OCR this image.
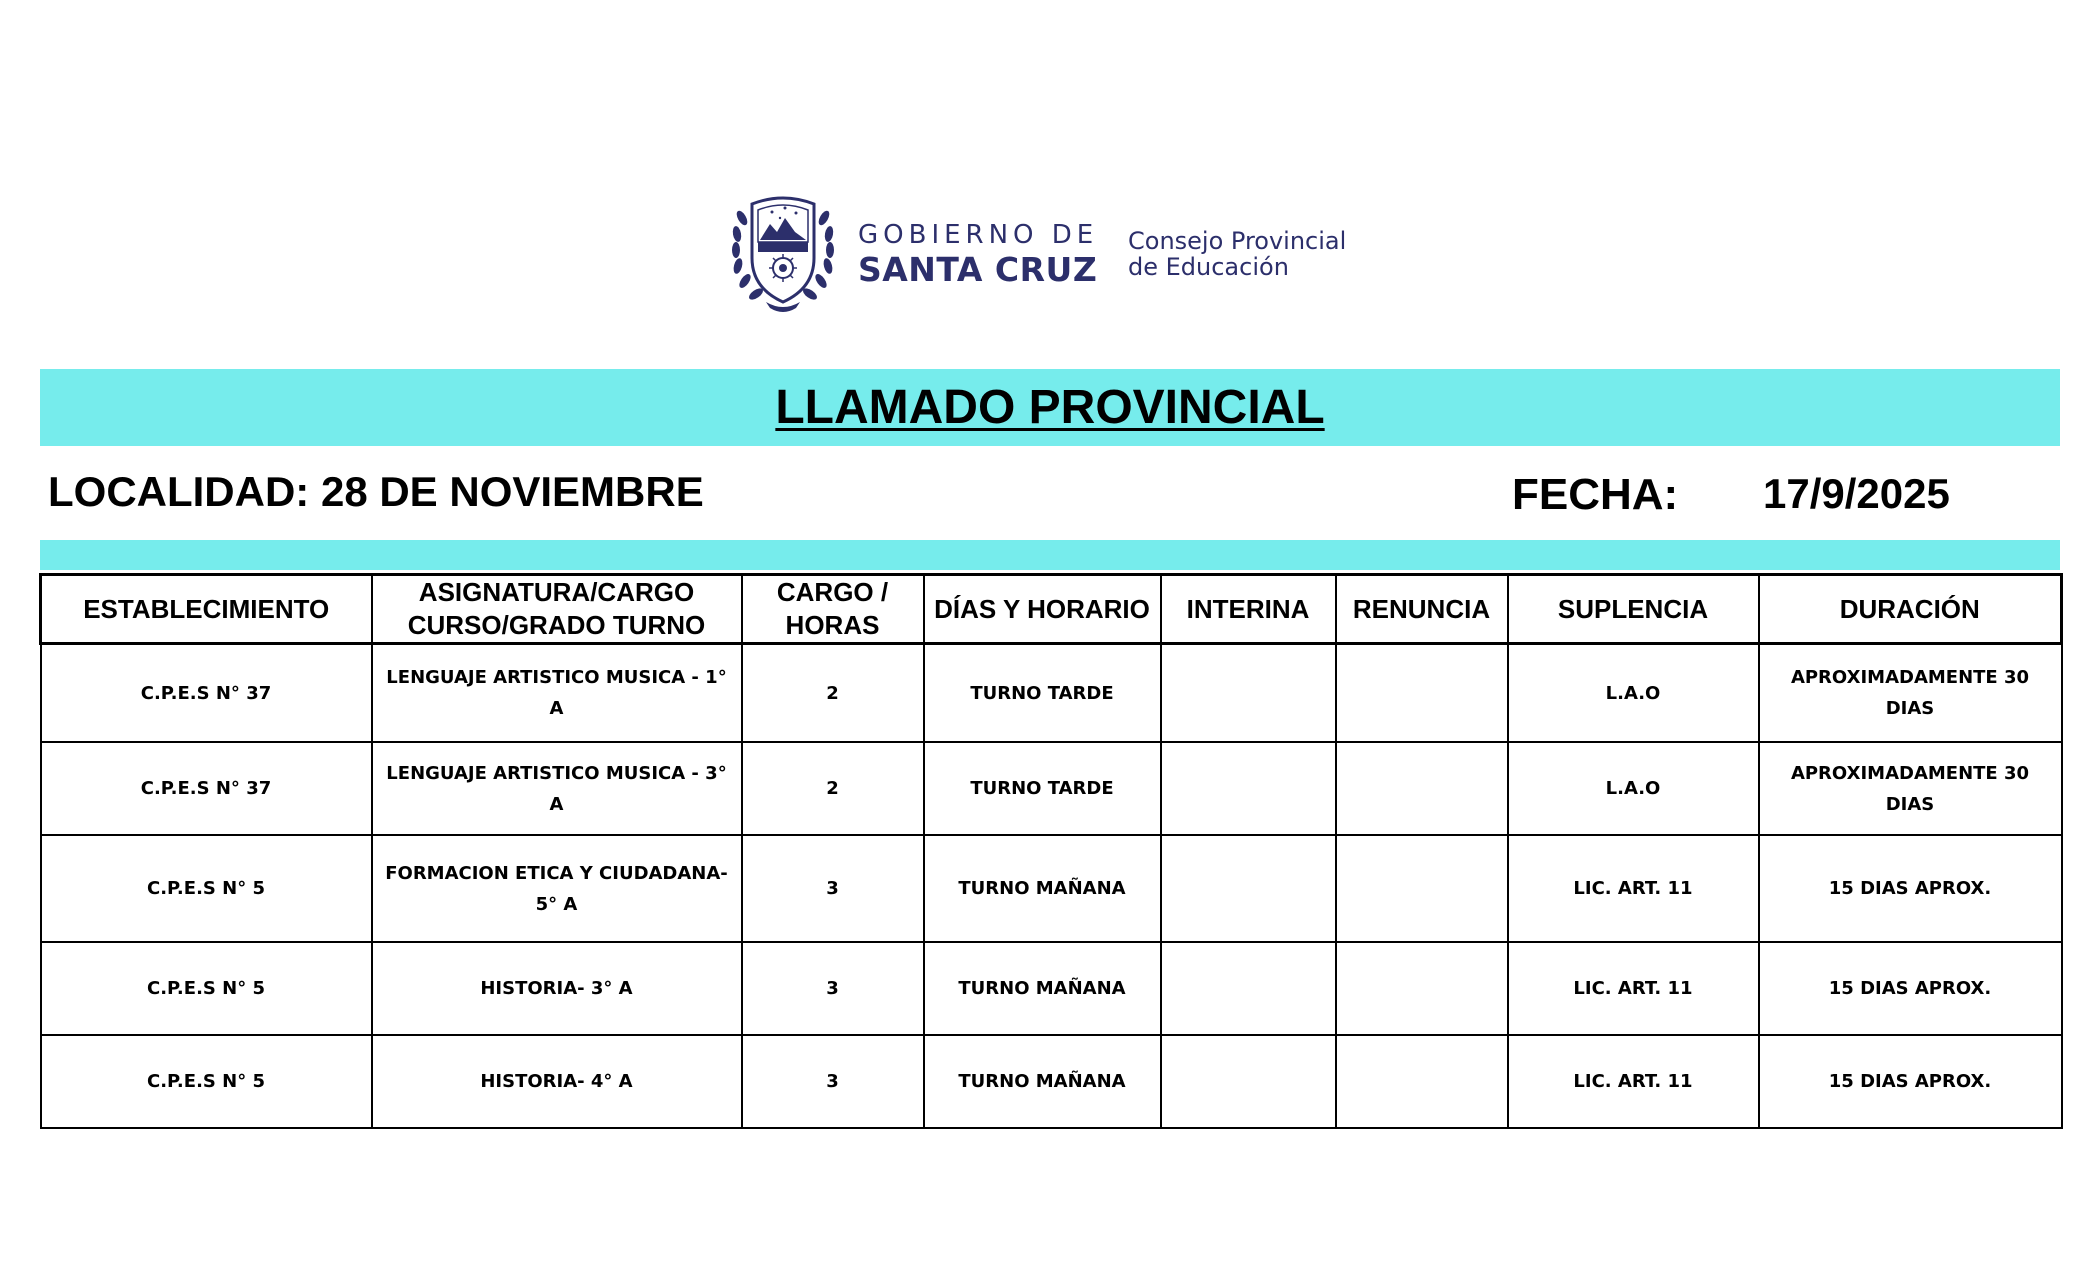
GOBIERNO DE
SANTA CRUZ
Consejo Provincial
de Educación
LLAMADO PROVINCIAL
LOCALIDAD: 28 DE NOVIEMBRE	FECHA: 17/9/2025
ESTABLECIMIENTO	ASIGNATURA/CARGO CURSO/GRADO TURNO	CARGO / HORAS	DÍAS Y HORARIO	INTERINA	RENUNCIA	SUPLENCIA	DURACIÓN
C.P.E.S N° 37	LENGUAJE ARTISTICO MUSICA - 1° A	2	TURNO TARDE			L.A.O	APROXIMADAMENTE 30 DIAS
C.P.E.S N° 37	LENGUAJE ARTISTICO MUSICA - 3° A	2	TURNO TARDE			L.A.O	APROXIMADAMENTE 30 DIAS
C.P.E.S N° 5	FORMACION ETICA Y CIUDADANA- 5° A	3	TURNO MAÑANA			LIC. ART. 11	15 DIAS APROX.
C.P.E.S N° 5	HISTORIA- 3° A	3	TURNO MAÑANA			LIC. ART. 11	15 DIAS APROX.
C.P.E.S N° 5	HISTORIA- 4° A	3	TURNO MAÑANA			LIC. ART. 11	15 DIAS APROX.
